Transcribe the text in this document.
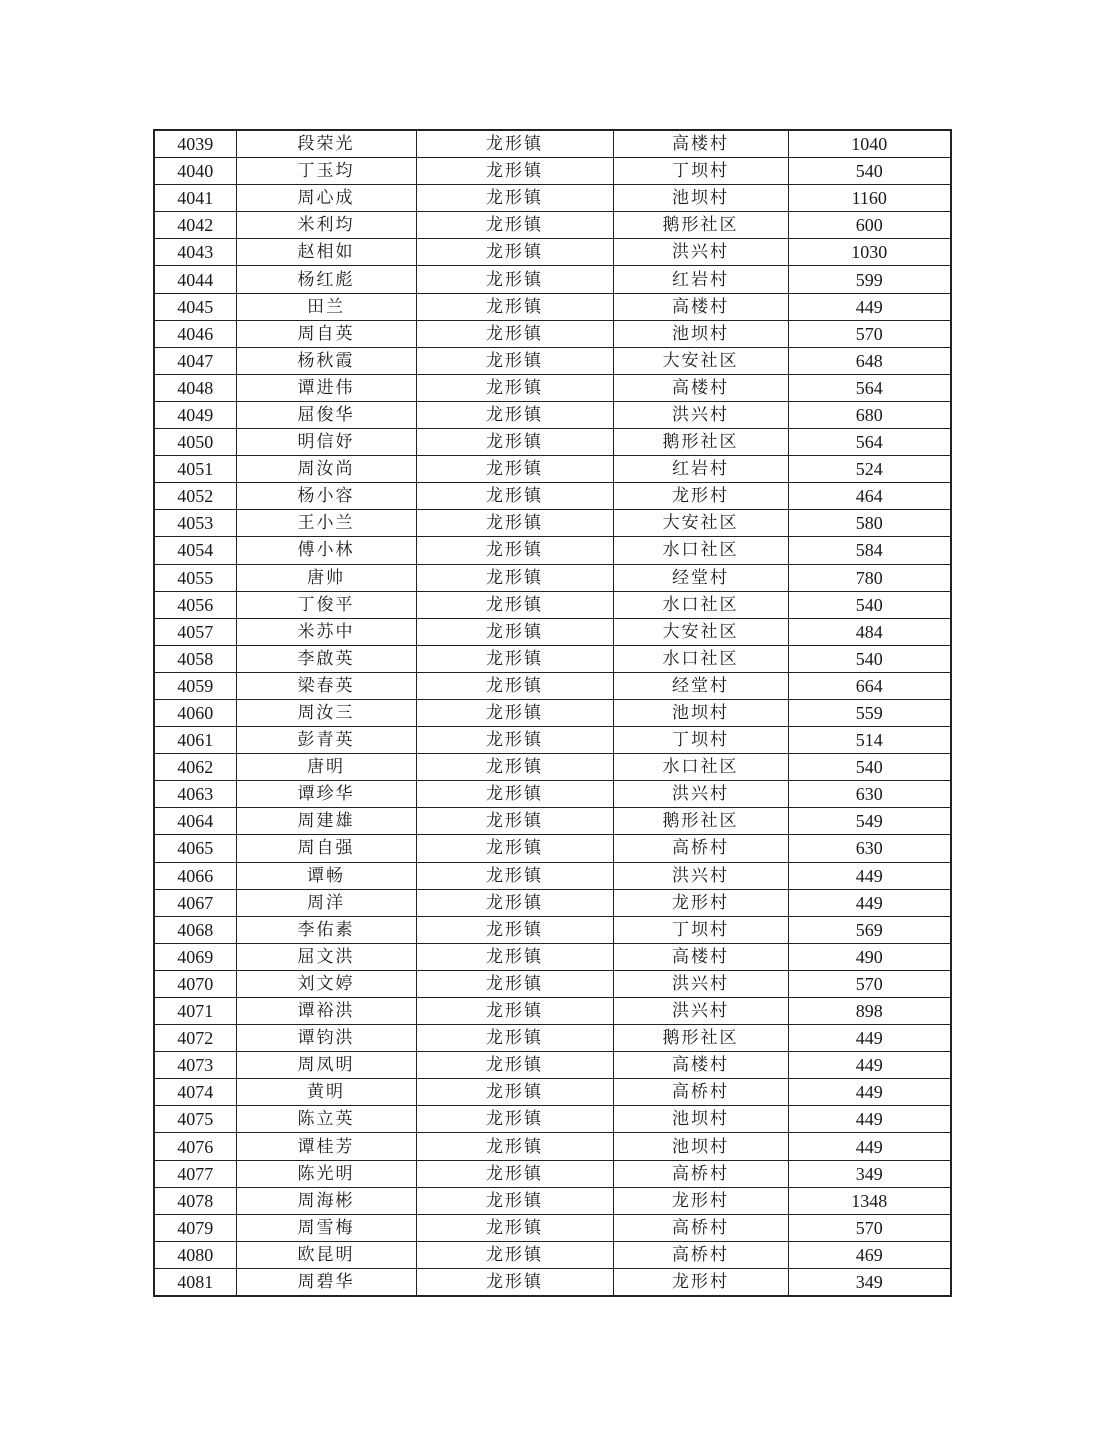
4039	段荣光	龙形镇	高楼村	1040
4040	丁玉均	龙形镇	丁坝村	540
4041	周心成	龙形镇	池坝村	1160
4042	米利均	龙形镇	鹅形社区	600
4043	赵相如	龙形镇	洪兴村	1030
4044	杨红彪	龙形镇	红岩村	599
4045	田兰	龙形镇	高楼村	449
4046	周自英	龙形镇	池坝村	570
4047	杨秋霞	龙形镇	大安社区	648
4048	谭进伟	龙形镇	高楼村	564
4049	屈俊华	龙形镇	洪兴村	680
4050	明信妤	龙形镇	鹅形社区	564
4051	周汝尚	龙形镇	红岩村	524
4052	杨小容	龙形镇	龙形村	464
4053	王小兰	龙形镇	大安社区	580
4054	傅小林	龙形镇	水口社区	584
4055	唐帅	龙形镇	经堂村	780
4056	丁俊平	龙形镇	水口社区	540
4057	米苏中	龙形镇	大安社区	484
4058	李啟英	龙形镇	水口社区	540
4059	梁春英	龙形镇	经堂村	664
4060	周汝三	龙形镇	池坝村	559
4061	彭青英	龙形镇	丁坝村	514
4062	唐明	龙形镇	水口社区	540
4063	谭珍华	龙形镇	洪兴村	630
4064	周建雄	龙形镇	鹅形社区	549
4065	周自强	龙形镇	高桥村	630
4066	谭畅	龙形镇	洪兴村	449
4067	周洋	龙形镇	龙形村	449
4068	李佑素	龙形镇	丁坝村	569
4069	屈文洪	龙形镇	高楼村	490
4070	刘文婷	龙形镇	洪兴村	570
4071	谭裕洪	龙形镇	洪兴村	898
4072	谭钧洪	龙形镇	鹅形社区	449
4073	周凤明	龙形镇	高楼村	449
4074	黄明	龙形镇	高桥村	449
4075	陈立英	龙形镇	池坝村	449
4076	谭桂芳	龙形镇	池坝村	449
4077	陈光明	龙形镇	高桥村	349
4078	周海彬	龙形镇	龙形村	1348
4079	周雪梅	龙形镇	高桥村	570
4080	欧昆明	龙形镇	高桥村	469
4081	周碧华	龙形镇	龙形村	349
